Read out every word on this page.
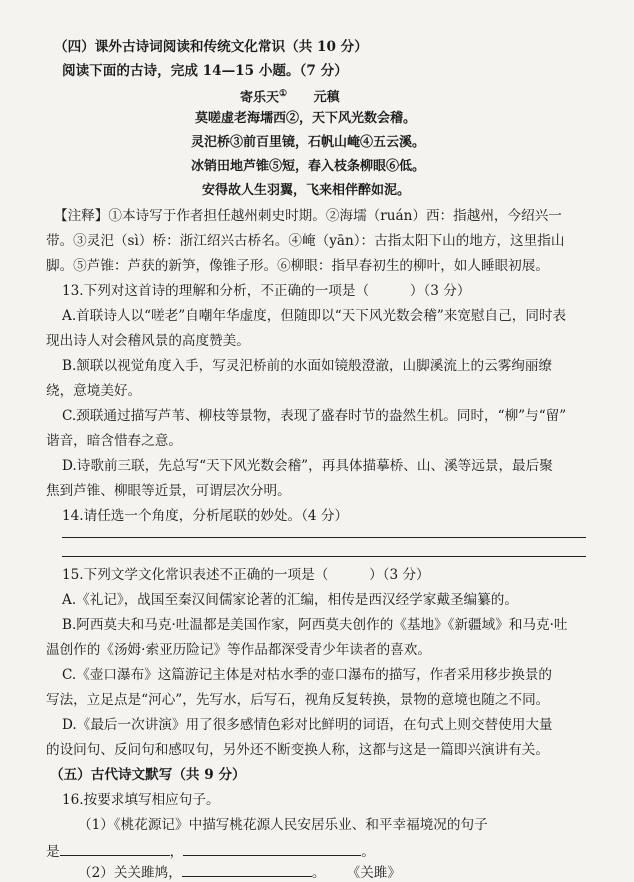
（四）课外古诗词阅读和传统文化常识（共 10 分）
阅读下面的古诗，完成 14—15 小题。（7 分）
寄乐天① 元稹
莫嗟虚老海壖西②，天下风光数会稽。
灵汜桥③前百里镜，石帆山崦④五云溪。
冰销田地芦锥⑤短，春入枝条柳眼⑥低。
安得故人生羽翼，飞来相伴醉如泥。
【注释】①本诗写于作者担任越州刺史时期。②海壖（ruán）西：指越州，今绍兴一
带。③灵汜（sì）桥：浙江绍兴古桥名。④崦（yān）：古指太阳下山的地方，这里指山
脚。⑤芦锥：芦获的新笋，像锥子形。⑥柳眼：指早春初生的柳叶，如人睡眼初展。
13.下列对这首诗的理解和分析，不正确的一项是（　　　）（3 分）
A.首联诗人以“嗟老”自嘲年华虚度，但随即以“天下风光数会稽”来宽慰自己，同时表
现出诗人对会稽风景的高度赞美。
B.颔联以视觉角度入手，写灵汜桥前的水面如镜般澄澈，山脚溪流上的云雾绚丽缭
绕，意境美好。
C.颈联通过描写芦苇、柳枝等景物，表现了盛春时节的盎然生机。同时，“柳”与“留”
谐音，暗含惜春之意。
D.诗歌前三联，先总写“天下风光数会稽”，再具体描摹桥、山、溪等远景，最后聚
焦到芦锥、柳眼等近景，可谓层次分明。
14.请任选一个角度，分析尾联的妙处。（4 分）
15.下列文学文化常识表述不正确的一项是（　　　）（3 分）
A.《礼记》，战国至秦汉间儒家论著的汇编，相传是西汉经学家戴圣编纂的。
B.阿西莫夫和马克·吐温都是美国作家，阿西莫夫创作的《基地》《新疆域》和马克·吐
温创作的《汤姆·索亚历险记》等作品都深受青少年读者的喜欢。
C.《壶口瀑布》这篇游记主体是对枯水季的壶口瀑布的描写，作者采用移步换景的
写法，立足点是“河心”，先写水，后写石，视角反复转换，景物的意境也随之不同。
D.《最后一次讲演》用了很多感情色彩对比鲜明的词语，在句式上则交替使用大量
的设问句、反问句和感叹句，另外还不断变换人称，这都与这是一篇即兴演讲有关。
（五）古代诗文默写（共 9 分）
16.按要求填写相应句子。
（1）《桃花源记》中描写桃花源人民安居乐业、和平幸福境况的句子
是	，	。
（2）关关雎鸠，	。 《关雎》
